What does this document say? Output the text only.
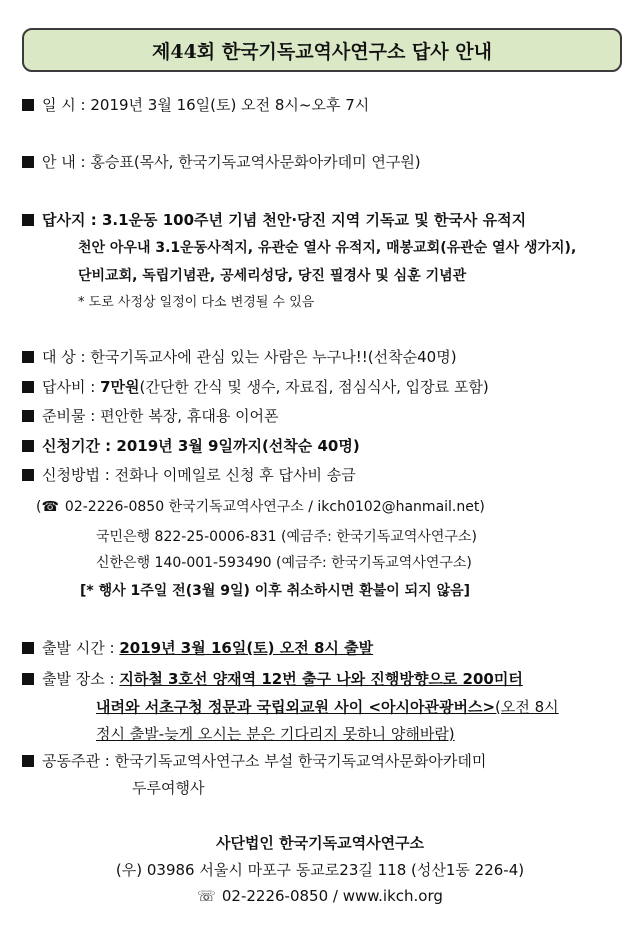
제44회 한국기독교역사연구소 답사 안내
일 시 : 2019년 3월 16일(토) 오전 8시~오후 7시
안 내 : 홍승표(목사, 한국기독교역사문화아카데미 연구원)
답사지 : 3.1운동 100주년 기념 천안·당진 지역 기독교 및 한국사 유적지
천안 아우내 3.1운동사적지, 유관순 열사 유적지, 매봉교회(유관순 열사 생가지),
단비교회, 독립기념관, 공세리성당, 당진 필경사 및 심훈 기념관
* 도로 사정상 일정이 다소 변경될 수 있음
대 상 : 한국기독교사에 관심 있는 사람은 누구나!!(선착순40명)
답사비 : 7만원(간단한 간식 및 생수, 자료집, 점심식사, 입장료 포함)
준비물 : 편안한 복장, 휴대용 이어폰
신청기간 : 2019년 3월 9일까지(선착순 40명)
신청방법 : 전화나 이메일로 신청 후 답사비 송금
(☎ 02-2226-0850 한국기독교역사연구소 / ikch0102@hanmail.net)
국민은행 822-25-0006-831 (예금주: 한국기독교역사연구소)
신한은행 140-001-593490 (예금주: 한국기독교역사연구소)
[* 행사 1주일 전(3월 9일) 이후 취소하시면 환불이 되지 않음]
출발 시간 : 2019년 3월 16일(토) 오전 8시 출발
출발 장소 : 지하철 3호선 양재역 12번 출구 나와 진행방향으로 200미터
내려와 서초구청 정문과 국립외교원 사이 <아시아관광버스>(오전 8시
정시 출발-늦게 오시는 분은 기다리지 못하니 양해바람)
공동주관 : 한국기독교역사연구소 부설 한국기독교역사문화아카데미
두루여행사
사단법인 한국기독교역사연구소
(우) 03986 서울시 마포구 동교로23길 118 (성산1동 226-4)
☏ 02-2226-0850 / www.ikch.org
